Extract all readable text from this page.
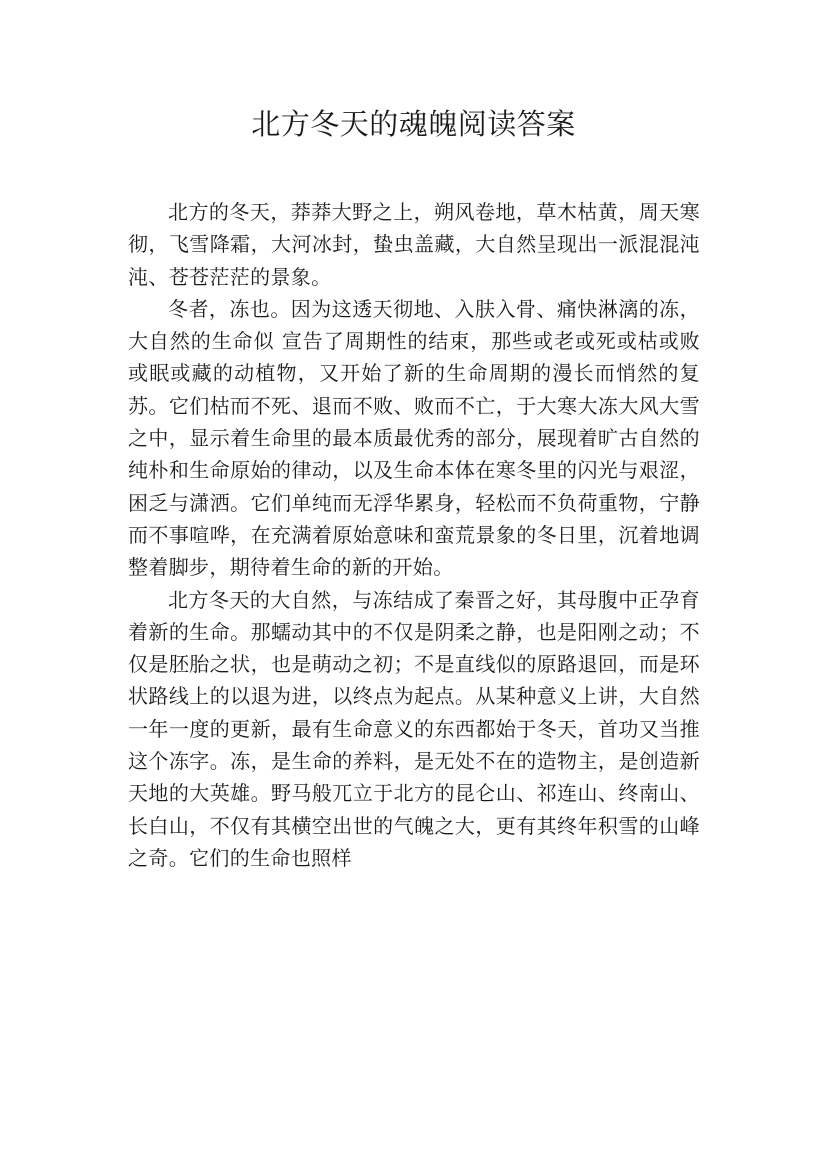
北方冬天的魂魄阅读答案

北方的冬天，莽莽大野之上，朔风卷地，草木枯黄，周天寒彻，飞雪降霜，大河冰封，蛰虫盖藏，大自然呈现出一派混混沌沌、苍苍茫茫的景象。

冬者，冻也。因为这透天彻地、入肤入骨、痛快淋漓的冻，大自然的生命似 宣告了周期性的结束，那些或老或死或枯或败或眠或藏的动植物，又开始了新的生命周期的漫长而悄然的复苏。它们枯而不死、退而不败、败而不亡，于大寒大冻大风大雪之中，显示着生命里的最本质最优秀的部分，展现着旷古自然的纯朴和生命原始的律动，以及生命本体在寒冬里的闪光与艰涩，困乏与潇洒。它们单纯而无浮华累身，轻松而不负荷重物，宁静而不事喧哗，在充满着原始意味和蛮荒景象的冬日里，沉着地调整着脚步，期待着生命的新的开始。

北方冬天的大自然，与冻结成了秦晋之好，其母腹中正孕育着新的生命。那蠕动其中的不仅是阴柔之静，也是阳刚之动；不仅是胚胎之状，也是萌动之初；不是直线似的原路退回，而是环状路线上的以退为进，以终点为起点。从某种意义上讲，大自然一年一度的更新，最有生命意义的东西都始于冬天，首功又当推这个冻字。冻，是生命的养料，是无处不在的造物主，是创造新天地的大英雄。野马般兀立于北方的昆仑山、祁连山、终南山、长白山，不仅有其横空出世的气魄之大，更有其终年积雪的山峰之奇。它们的生命也照样
